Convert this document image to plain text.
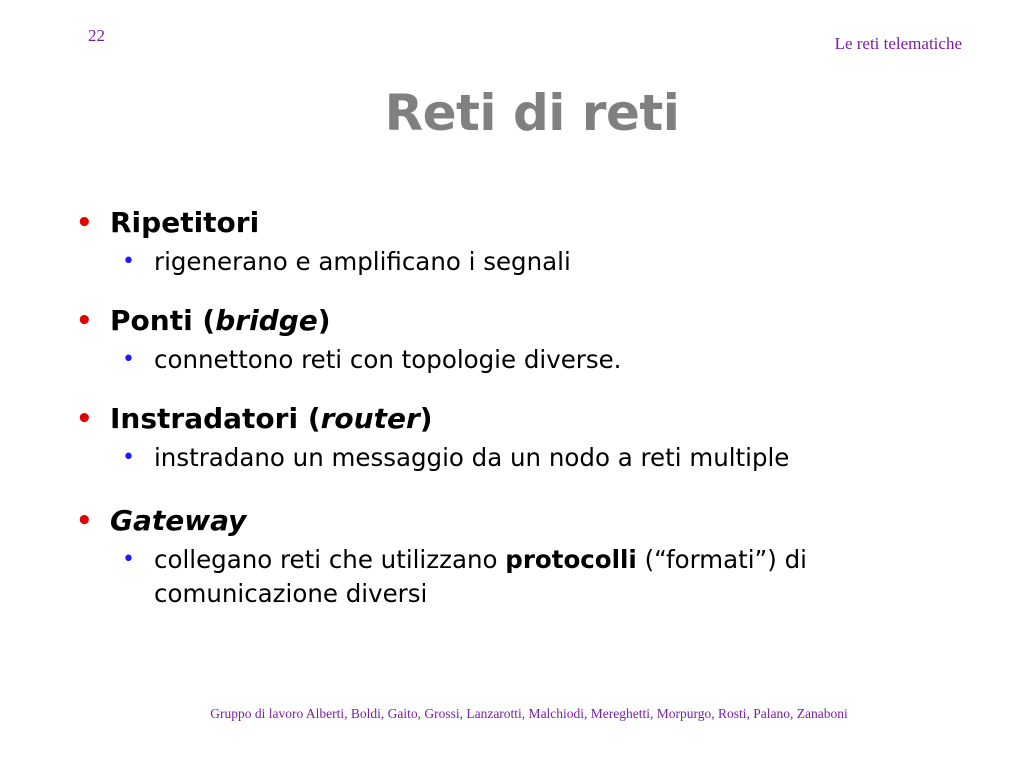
22	Le reti telematiche
Reti di reti
• Ripetitori
• rigenerano e amplificano i segnali
• Ponti (bridge)
• connettono reti con topologie diverse.
• Instradatori (router)
• instradano un messaggio da un nodo a reti multiple
• Gateway
• collegano reti che utilizzano protocolli (“formati”) di comunicazione diversi
Gruppo di lavoro Alberti, Boldi, Gaito, Grossi, Lanzarotti, Malchiodi, Mereghetti, Morpurgo, Rosti, Palano, Zanaboni
